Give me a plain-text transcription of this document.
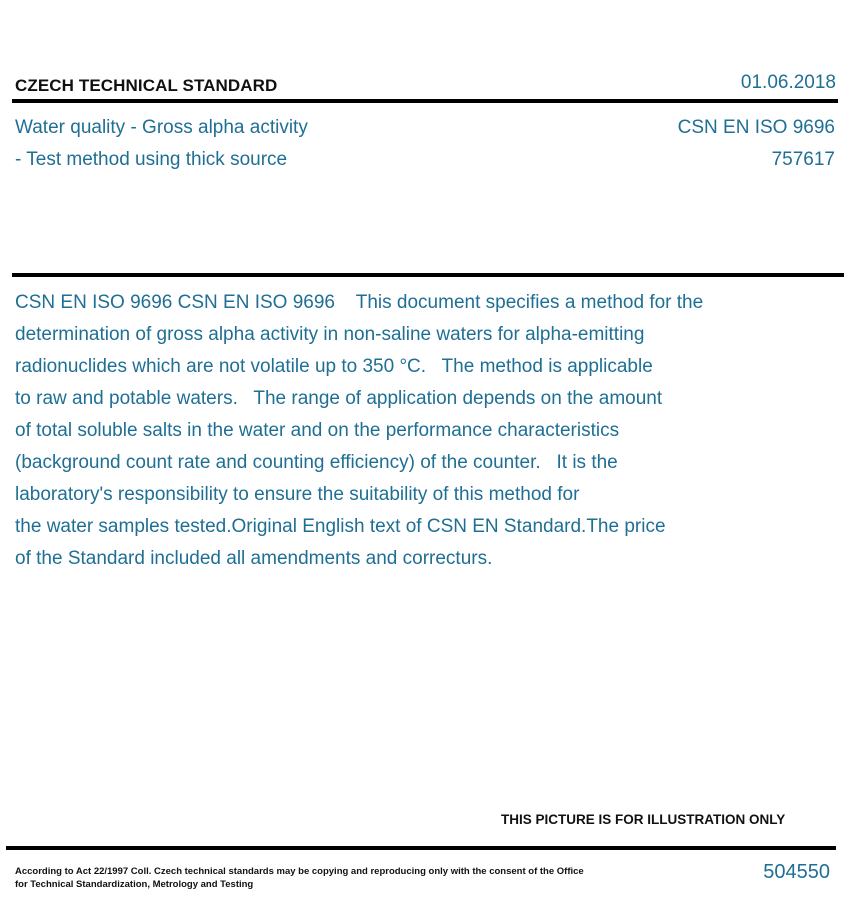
CZECH TECHNICAL STANDARD	01.06.2018
Water quality - Gross alpha activity
- Test method using thick source
CSN EN ISO 9696
757617
CSN EN ISO 9696 CSN EN ISO 9696    This document specifies a method for the
determination of gross alpha activity in non-saline waters for alpha-emitting
radionuclides which are not volatile up to 350 °C.   The method is applicable
to raw and potable waters.   The range of application depends on the amount
of total soluble salts in the water and on the performance characteristics
(background count rate and counting efficiency) of the counter.   It is the
laboratory's responsibility to ensure the suitability of this method for
the water samples tested.Original English text of CSN EN Standard.The price
of the Standard included all amendments and correcturs.
THIS PICTURE IS FOR ILLUSTRATION ONLY
According to Act 22/1997 Coll. Czech technical standards may be copying and reproducing only with the consent of the Office
for Technical Standardization, Metrology and Testing
504550
